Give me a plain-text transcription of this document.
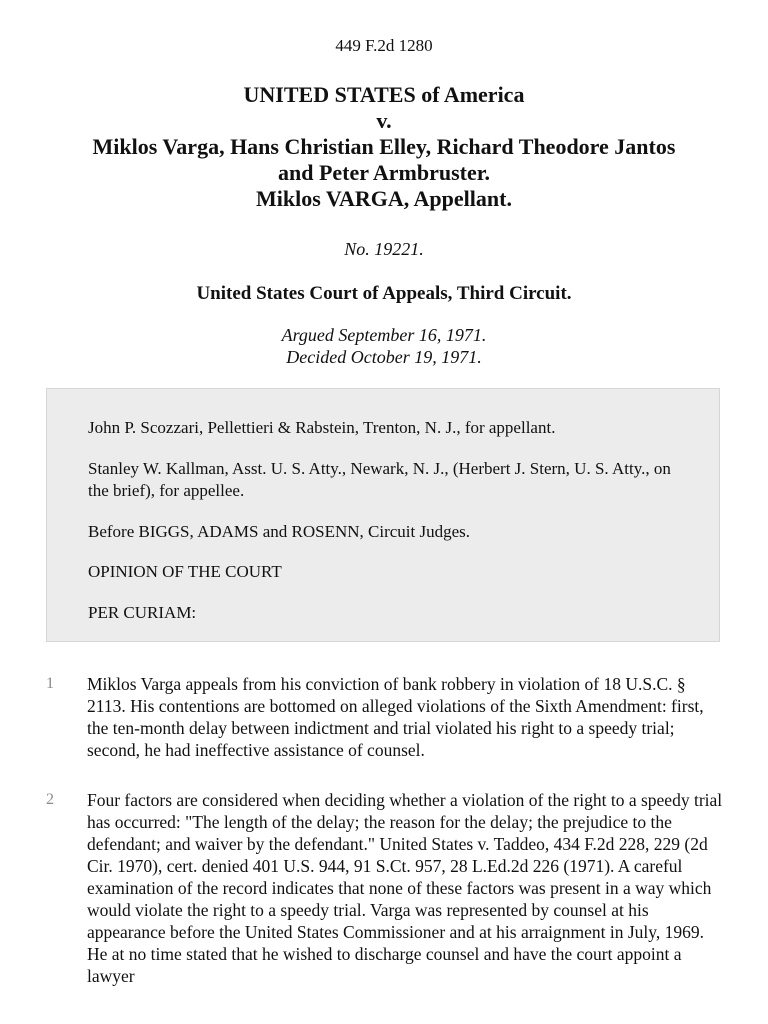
449 F.2d 1280
UNITED STATES of America
v.
Miklos Varga, Hans Christian Elley, Richard Theodore Jantos
and Peter Armbruster.
Miklos VARGA, Appellant.
No. 19221.
United States Court of Appeals, Third Circuit.
Argued September 16, 1971.
Decided October 19, 1971.

John P. Scozzari, Pellettieri & Rabstein, Trenton, N. J., for appellant.

Stanley W. Kallman, Asst. U. S. Atty., Newark, N. J., (Herbert J. Stern, U. S. Atty., on the brief), for appellee.

Before BIGGS, ADAMS and ROSENN, Circuit Judges.

OPINION OF THE COURT

PER CURIAM:

1	Miklos Varga appeals from his conviction of bank robbery in violation of 18 U.S.C. § 2113. His contentions are bottomed on alleged violations of the Sixth Amendment: first, the ten-month delay between indictment and trial violated his right to a speedy trial; second, he had ineffective assistance of counsel.

2	Four factors are considered when deciding whether a violation of the right to a speedy trial has occurred: "The length of the delay; the reason for the delay; the prejudice to the defendant; and waiver by the defendant." United States v. Taddeo, 434 F.2d 228, 229 (2d Cir. 1970), cert. denied 401 U.S. 944, 91 S.Ct. 957, 28 L.Ed.2d 226 (1971). A careful examination of the record indicates that none of these factors was present in a way which would violate the right to a speedy trial. Varga was represented by counsel at his appearance before the United States Commissioner and at his arraignment in July, 1969. He at no time stated that he wished to discharge counsel and have the court appoint a lawyer
